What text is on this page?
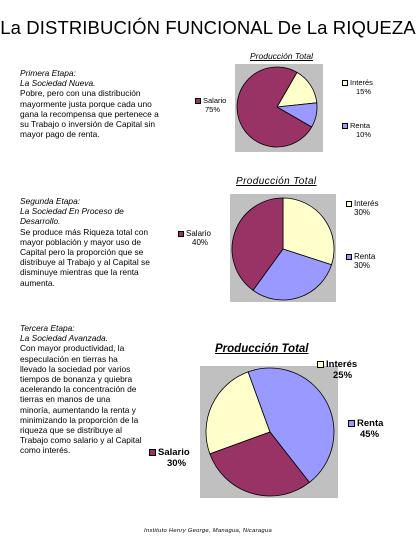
La DISTRIBUCIÓN FUNCIONAL De La RIQUEZA
Primera Etapa:
La Sociedad Nueva.
Pobre, pero con una distribución mayormente justa porque cada uno gana la recompensa que pertenece a su Trabajo o inversión de Capital sin mayor pago de renta.
Producción Total
Salario
75%
Interés
15%
Renta
10%
Segunda Etapa:
La Sociedad En Proceso de Desarrollo.
Se produce más Riqueza total con mayor población y mayor uso de Capital pero la proporción que se distribuye al Trabajo y al Capital se disminuye mientras que la renta aumenta.
Producción Total
Salario
40%
Interés
30%
Renta
30%
Tercera Etapa:
La Sociedad Avanzada.
Con mayor productividad, la especulación en tierras ha llevado la sociedad por varios tiempos de bonanza y quiebra acelerando la concentración de tierras en manos de una minoría, aumentando la renta y minimizando la proporción de la riqueza que se distribuye al Trabajo como salario y al Capital como interés.
Producción Total
Salario
30%
Interés
25%
Renta
45%
Instituto Henry George, Managua, Nicaragua
